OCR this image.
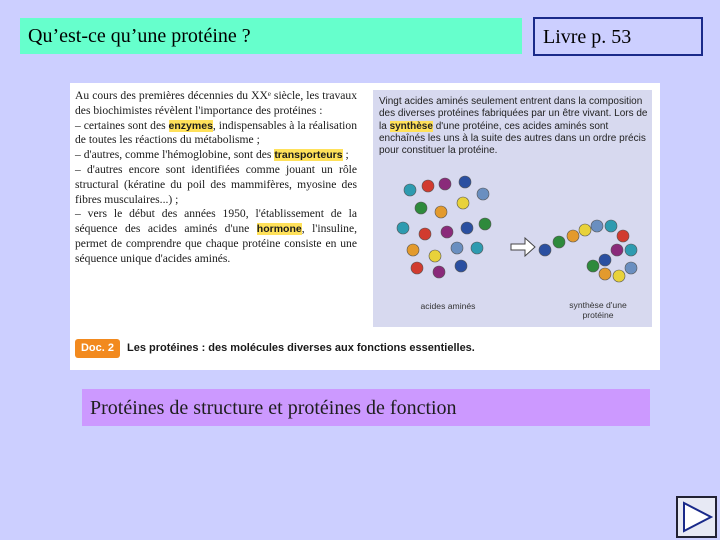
Qu’est-ce qu’une protéine ?	Livre p. 53

Au cours des premières décennies du XXᵉ siècle, les travaux des biochimistes révèlent l'importance des protéines :

– certaines sont des enzymes, indispensables à la réalisation de toutes les réactions du métabolisme ;

– d'autres, comme l'hémoglobine, sont des transporteurs ;

– d'autres encore sont identifiées comme jouant un rôle structural (kératine du poil des mammifères, myosine des fibres musculaires...) ;

– vers le début des années 1950, l'établissement de la séquence des acides aminés d'une hormone, l'insuline, permet de comprendre que chaque protéine consiste en une séquence unique d'acides aminés.

Vingt acides aminés seulement entrent dans la composition des diverses protéines fabriquées par un être vivant. Lors de la synthèse d'une protéine, ces acides aminés sont enchaînés les uns à la suite des autres dans un ordre précis pour constituer la protéine.
acides aminés	synthèse d'une protéine
Doc. 2	Les protéines : des molécules diverses aux fonctions essentielles.
Protéines de structure et protéines de fonction
